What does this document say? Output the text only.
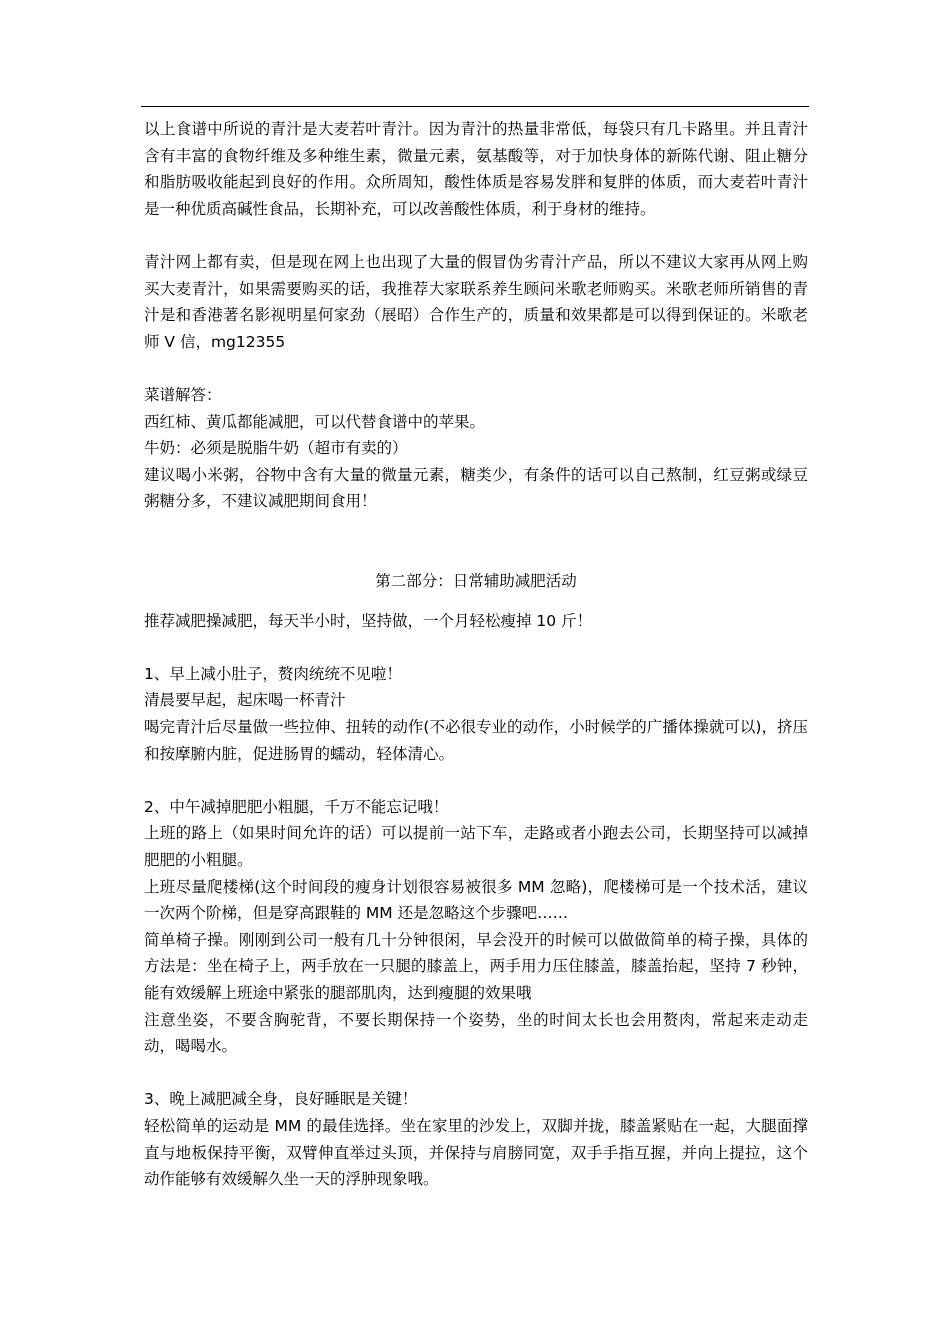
以上食谱中所说的青汁是大麦若叶青汁。因为青汁的热量非常低，每袋只有几卡路里。并且青汁含有丰富的食物纤维及多种维生素，微量元素，氨基酸等，对于加快身体的新陈代谢、阻止糖分和脂肪吸收能起到良好的作用。众所周知，酸性体质是容易发胖和复胖的体质，而大麦若叶青汁是一种优质高碱性食品，长期补充，可以改善酸性体质，利于身材的维持。

青汁网上都有卖，但是现在网上也出现了大量的假冒伪劣青汁产品，所以不建议大家再从网上购买大麦青汁，如果需要购买的话，我推荐大家联系养生顾问米歌老师购买。米歌老师所销售的青汁是和香港著名影视明星何家劲（展昭）合作生产的，质量和效果都是可以得到保证的。米歌老师 V 信，mg12355

菜谱解答：

西红柿、黄瓜都能减肥，可以代替食谱中的苹果。

牛奶：必须是脱脂牛奶（超市有卖的）

建议喝小米粥，谷物中含有大量的微量元素，糖类少，有条件的话可以自己熬制，红豆粥或绿豆粥糖分多，不建议减肥期间食用！

第二部分：日常辅助减肥活动

推荐减肥操减肥，每天半小时，坚持做，一个月轻松瘦掉 10 斤！

1、早上减小肚子，赘肉统统不见啦！

清晨要早起，起床喝一杯青汁

喝完青汁后尽量做一些拉伸、扭转的动作(不必很专业的动作，小时候学的广播体操就可以)，挤压和按摩腑内脏，促进肠胃的蠕动，轻体清心。

2、中午减掉肥肥小粗腿，千万不能忘记哦！

上班的路上（如果时间允许的话）可以提前一站下车，走路或者小跑去公司，长期坚持可以减掉肥肥的小粗腿。

上班尽量爬楼梯(这个时间段的瘦身计划很容易被很多 MM 忽略)，爬楼梯可是一个技术活，建议一次两个阶梯，但是穿高跟鞋的 MM 还是忽略这个步骤吧……

简单椅子操。刚刚到公司一般有几十分钟很闲，早会没开的时候可以做做简单的椅子操，具体的方法是：坐在椅子上，两手放在一只腿的膝盖上，两手用力压住膝盖，膝盖抬起，坚持 7 秒钟，能有效缓解上班途中紧张的腿部肌肉，达到瘦腿的效果哦

注意坐姿，不要含胸驼背，不要长期保持一个姿势，坐的时间太长也会用赘肉，常起来走动走动，喝喝水。

3、晚上减肥减全身，良好睡眠是关键！

轻松简单的运动是 MM 的最佳选择。坐在家里的沙发上，双脚并拢，膝盖紧贴在一起，大腿面撑直与地板保持平衡，双臂伸直举过头顶，并保持与肩膀同宽，双手手指互握，并向上提拉，这个动作能够有效缓解久坐一天的浮肿现象哦。
